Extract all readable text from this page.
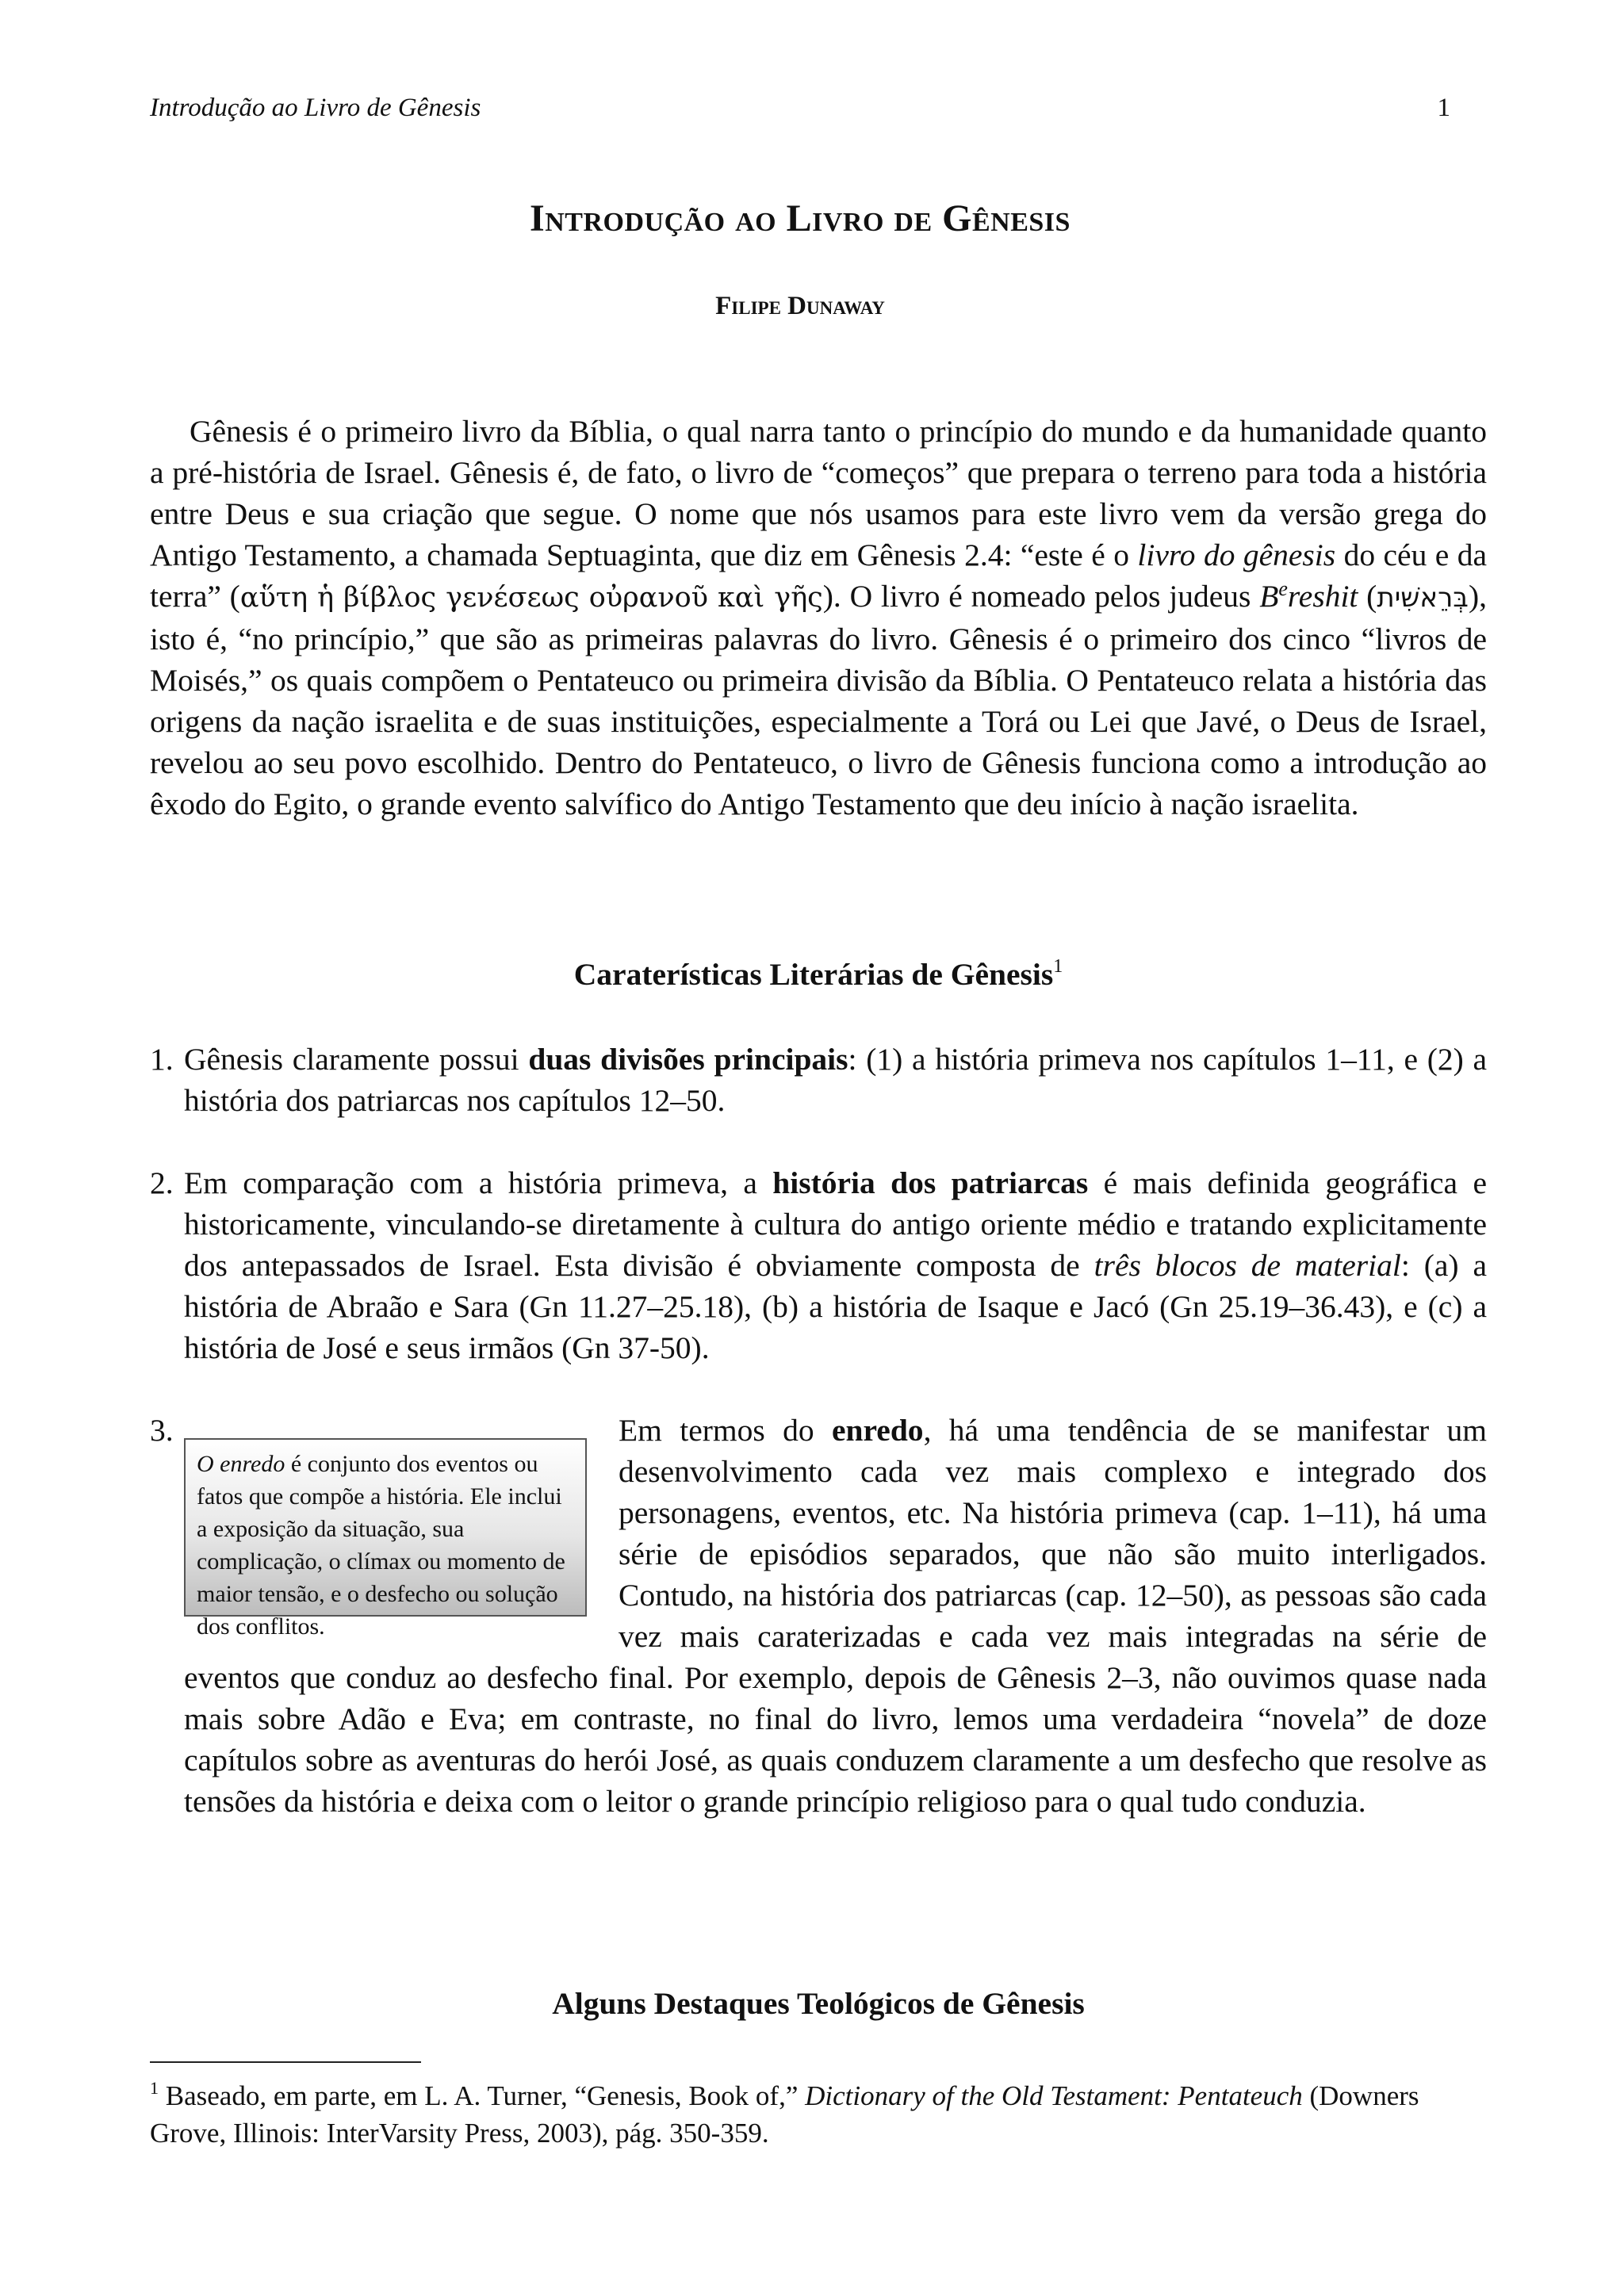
Introdução ao Livro de Gênesis	1
Introdução ao Livro de Gênesis
Filipe Dunaway
Gênesis é o primeiro livro da Bíblia, o qual narra tanto o princípio do mundo e da humanidade quanto a pré-história de Israel. Gênesis é, de fato, o livro de “começos” que prepara o terreno para toda a história entre Deus e sua criação que segue. O nome que nós usamos para este livro vem da versão grega do Antigo Testamento, a chamada Septuaginta, que diz em Gênesis 2.4: “este é o livro do gênesis do céu e da terra” (αὕτη ἡ βίβλος γενέσεως οὐρανοῦ καὶ γῆς). O livro é nomeado pelos judeus $B^ereshit$ (בְּרֵאשִׁית), isto é, “no princípio,” que são as primeiras palavras do livro. Gênesis é o primeiro dos cinco “livros de Moisés,” os quais compõem o Pentateuco ou primeira divisão da Bíblia. O Pentateuco relata a história das origens da nação israelita e de suas instituições, especialmente a Torá ou Lei que Javé, o Deus de Israel, revelou ao seu povo escolhido. Dentro do Pentateuco, o livro de Gênesis funciona como a introdução ao êxodo do Egito, o grande evento salvífico do Antigo Testamento que deu início à nação israelita.
Caraterísticas Literárias de Gênesis$^1$
1. Gênesis claramente possui duas divisões principais: (1) a história primeva nos capítulos 1–11, e (2) a história dos patriarcas nos capítulos 12–50.
2. Em comparação com a história primeva, a história dos patriarcas é mais definida geográfica e historicamente, vinculando-se diretamente à cultura do antigo oriente médio e tratando explicitamente dos antepassados de Israel. Esta divisão é obviamente composta de três blocos de material: (a) a história de Abraão e Sara (Gn 11.27–25.18), (b) a história de Isaque e Jacó (Gn 25.19–36.43), e (c) a história de José e seus irmãos (Gn 37-50).
3.
O enredo é conjunto dos eventos ou fatos que compõe a história. Ele inclui a exposição da situação, sua complicação, o clímax ou momento de maior tensão, e o desfecho ou solução dos conflitos.
Em termos do enredo, há uma tendência de se manifestar um desenvolvimento cada vez mais complexo e integrado dos personagens, eventos, etc. Na história primeva (cap. 1–11), há uma série de episódios separados, que não são muito interligados. Contudo, na história dos patriarcas (cap. 12–50), as pessoas são cada vez mais caraterizadas e cada vez mais integradas na série de eventos que conduz ao desfecho final. Por exemplo, depois de Gênesis 2–3, não ouvimos quase nada mais sobre Adão e Eva; em contraste, no final do livro, lemos uma verdadeira “novela” de doze capítulos sobre as aventuras do herói José, as quais conduzem claramente a um desfecho que resolve as tensões da história e deixa com o leitor o grande princípio religioso para o qual tudo conduzia.
Alguns Destaques Teológicos de Gênesis
$^1$ Baseado, em parte, em L. A. Turner, “Genesis, Book of,” Dictionary of the Old Testament: Pentateuch (Downers Grove, Illinois: InterVarsity Press, 2003), pág. 350-359.
